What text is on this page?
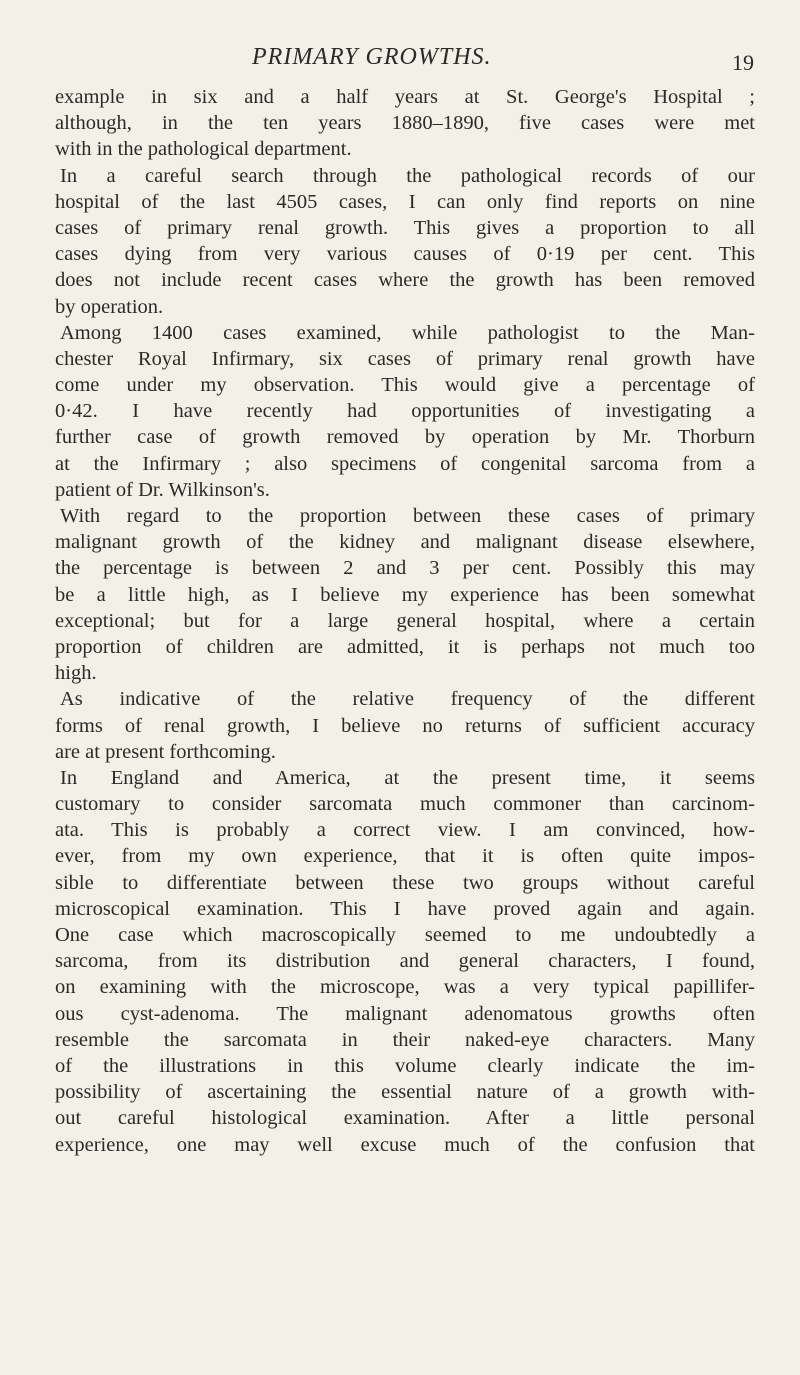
PRIMARY GROWTHS.	19
example in six and a half years at St. George's Hospital ;
although, in the ten years 1880–1890, five cases were met
with in the pathological department.
In a careful search through the pathological records of our
hospital of the last 4505 cases, I can only find reports on nine
cases of primary renal growth. This gives a proportion to all
cases dying from very various causes of 0·19 per cent. This
does not include recent cases where the growth has been removed
by operation.
Among 1400 cases examined, while pathologist to the Man-
chester Royal Infirmary, six cases of primary renal growth have
come under my observation. This would give a percentage of
0·42. I have recently had opportunities of investigating a
further case of growth removed by operation by Mr. Thorburn
at the Infirmary ; also specimens of congenital sarcoma from a
patient of Dr. Wilkinson's.
With regard to the proportion between these cases of primary
malignant growth of the kidney and malignant disease elsewhere,
the percentage is between 2 and 3 per cent. Possibly this may
be a little high, as I believe my experience has been somewhat
exceptional; but for a large general hospital, where a certain
proportion of children are admitted, it is perhaps not much too
high.
As indicative of the relative frequency of the different
forms of renal growth, I believe no returns of sufficient accuracy
are at present forthcoming.
In England and America, at the present time, it seems
customary to consider sarcomata much commoner than carcinom-
ata. This is probably a correct view. I am convinced, how-
ever, from my own experience, that it is often quite impos-
sible to differentiate between these two groups without careful
microscopical examination. This I have proved again and again.
One case which macroscopically seemed to me undoubtedly a
sarcoma, from its distribution and general characters, I found,
on examining with the microscope, was a very typical papillifer-
ous cyst-adenoma. The malignant adenomatous growths often
resemble the sarcomata in their naked-eye characters. Many
of the illustrations in this volume clearly indicate the im-
possibility of ascertaining the essential nature of a growth with-
out careful histological examination. After a little personal
experience, one may well excuse much of the confusion that
